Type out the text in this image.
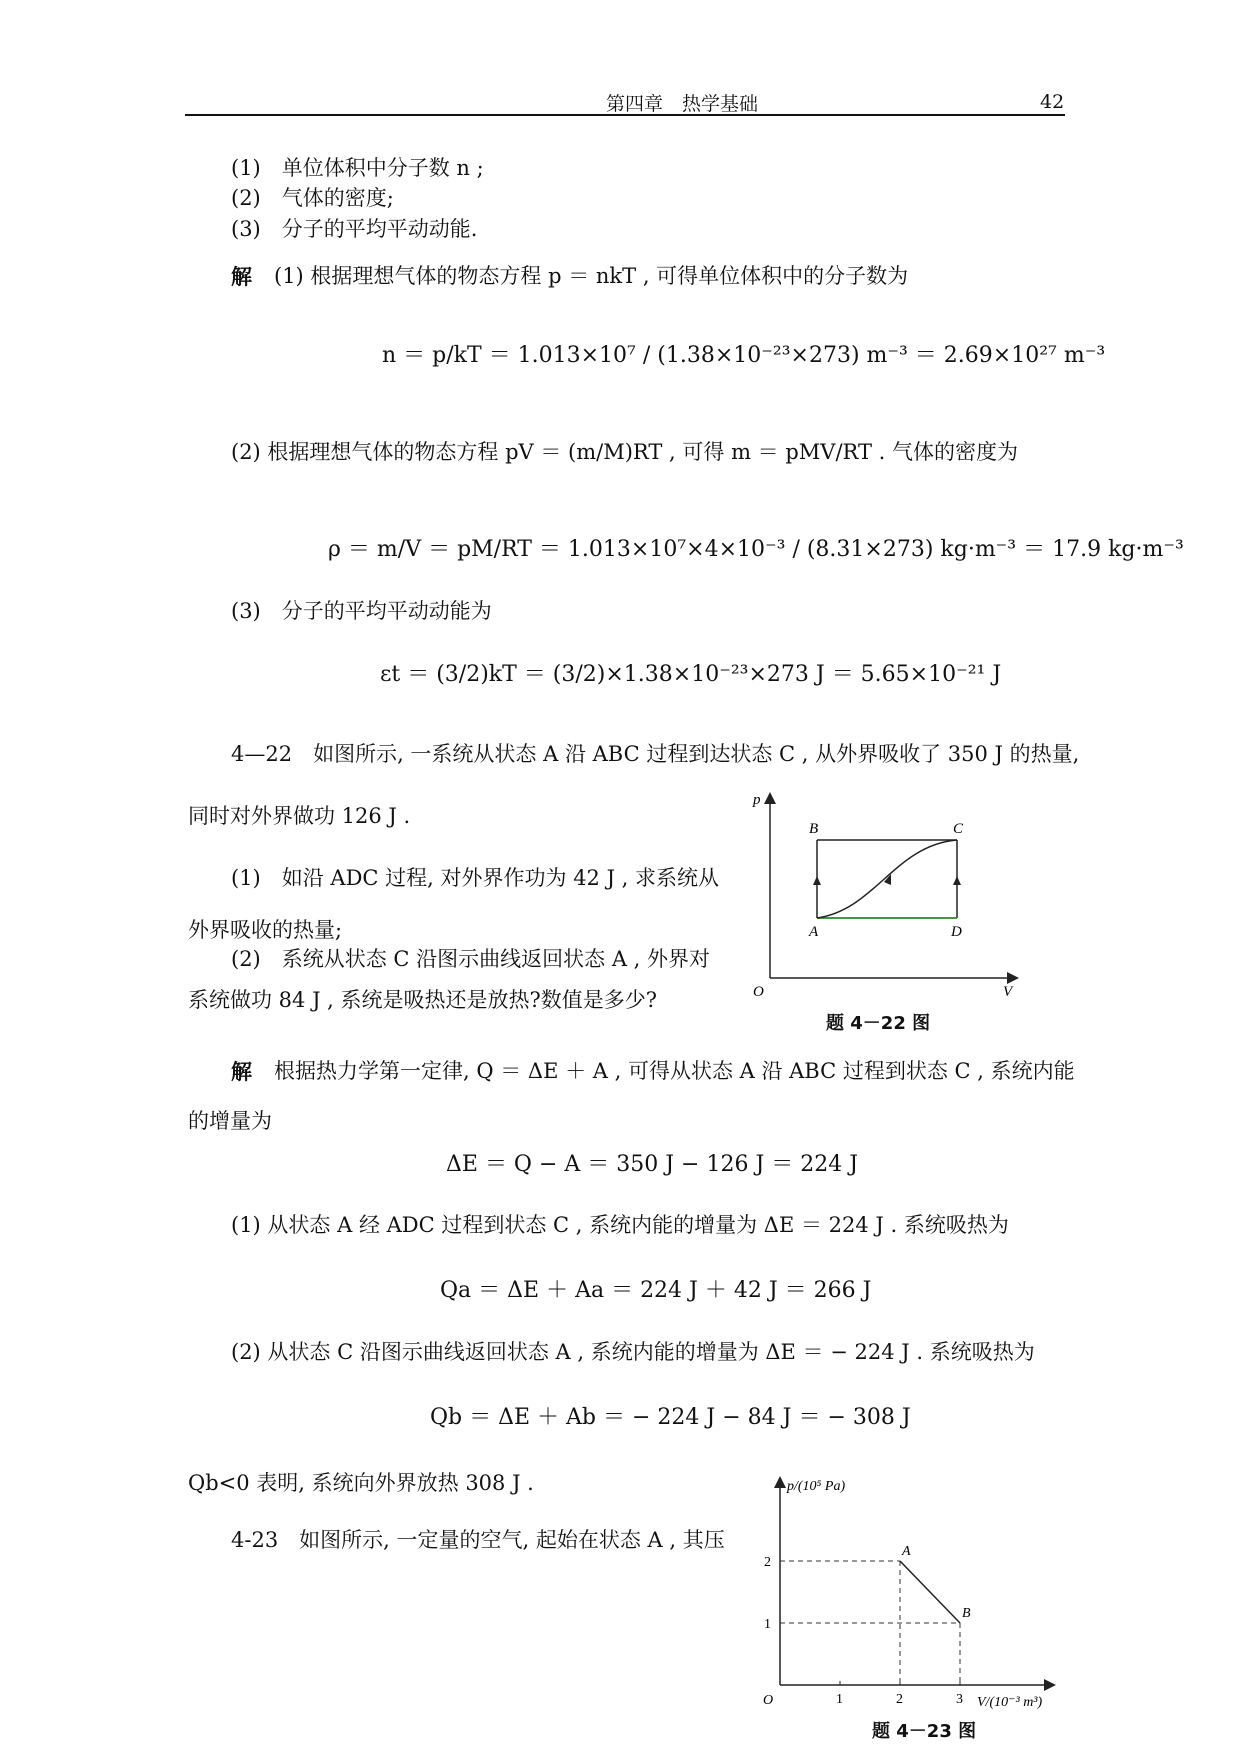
第四章　热学基础	42
(1)　单位体积中分子数 n ;
(2)　气体的密度;
(3)　分子的平均平动动能.
解 (1) 根据理想气体的物态方程 p ＝ nkT , 可得单位体积中的分子数为
n ＝ p/kT ＝ 1.013×10⁷ / (1.38×10⁻²³×273) m⁻³ ＝ 2.69×10²⁷ m⁻³
(2) 根据理想气体的物态方程 pV ＝ (m/M)RT , 可得 m ＝ pMV/RT . 气体的密度为
ρ ＝ m/V ＝ pM/RT ＝ 1.013×10⁷×4×10⁻³ / (8.31×273) kg·m⁻³ ＝ 17.9 kg·m⁻³
(3)　分子的平均平动动能为
εt ＝ (3/2)kT ＝ (3/2)×1.38×10⁻²³×273 J ＝ 5.65×10⁻²¹ J
4—22　如图所示, 一系统从状态 A 沿 ABC 过程到达状态 C , 从外界吸收了 350 J 的热量,
同时对外界做功 126 J .
(1)　如沿 ADC 过程, 对外界作功为 42 J , 求系统从
外界吸收的热量;
(2)　系统从状态 C 沿图示曲线返回状态 A , 外界对
系统做功 84 J , 系统是吸热还是放热?数值是多少?
p
V
O
B	C
A	D
题 4－22 图
解 根据热力学第一定律, Q ＝ ΔE ＋ A , 可得从状态 A 沿 ABC 过程到状态 C , 系统内能
的增量为
ΔE ＝ Q − A ＝ 350 J − 126 J ＝ 224 J
(1) 从状态 A 经 ADC 过程到状态 C , 系统内能的增量为 ΔE ＝ 224 J . 系统吸热为
Qa ＝ ΔE ＋ Aa ＝ 224 J ＋ 42 J ＝ 266 J
(2) 从状态 C 沿图示曲线返回状态 A , 系统内能的增量为 ΔE ＝ − 224 J . 系统吸热为
Qb ＝ ΔE ＋ Ab ＝ − 224 J − 84 J ＝ − 308 J
Qb<0 表明, 系统向外界放热 308 J .
4-23　如图所示, 一定量的空气, 起始在状态 A , 其压
p/(10⁵ Pa)
V/(10⁻³ m³)
O	1	2	3
1
2
A
B
题 4－23 图
